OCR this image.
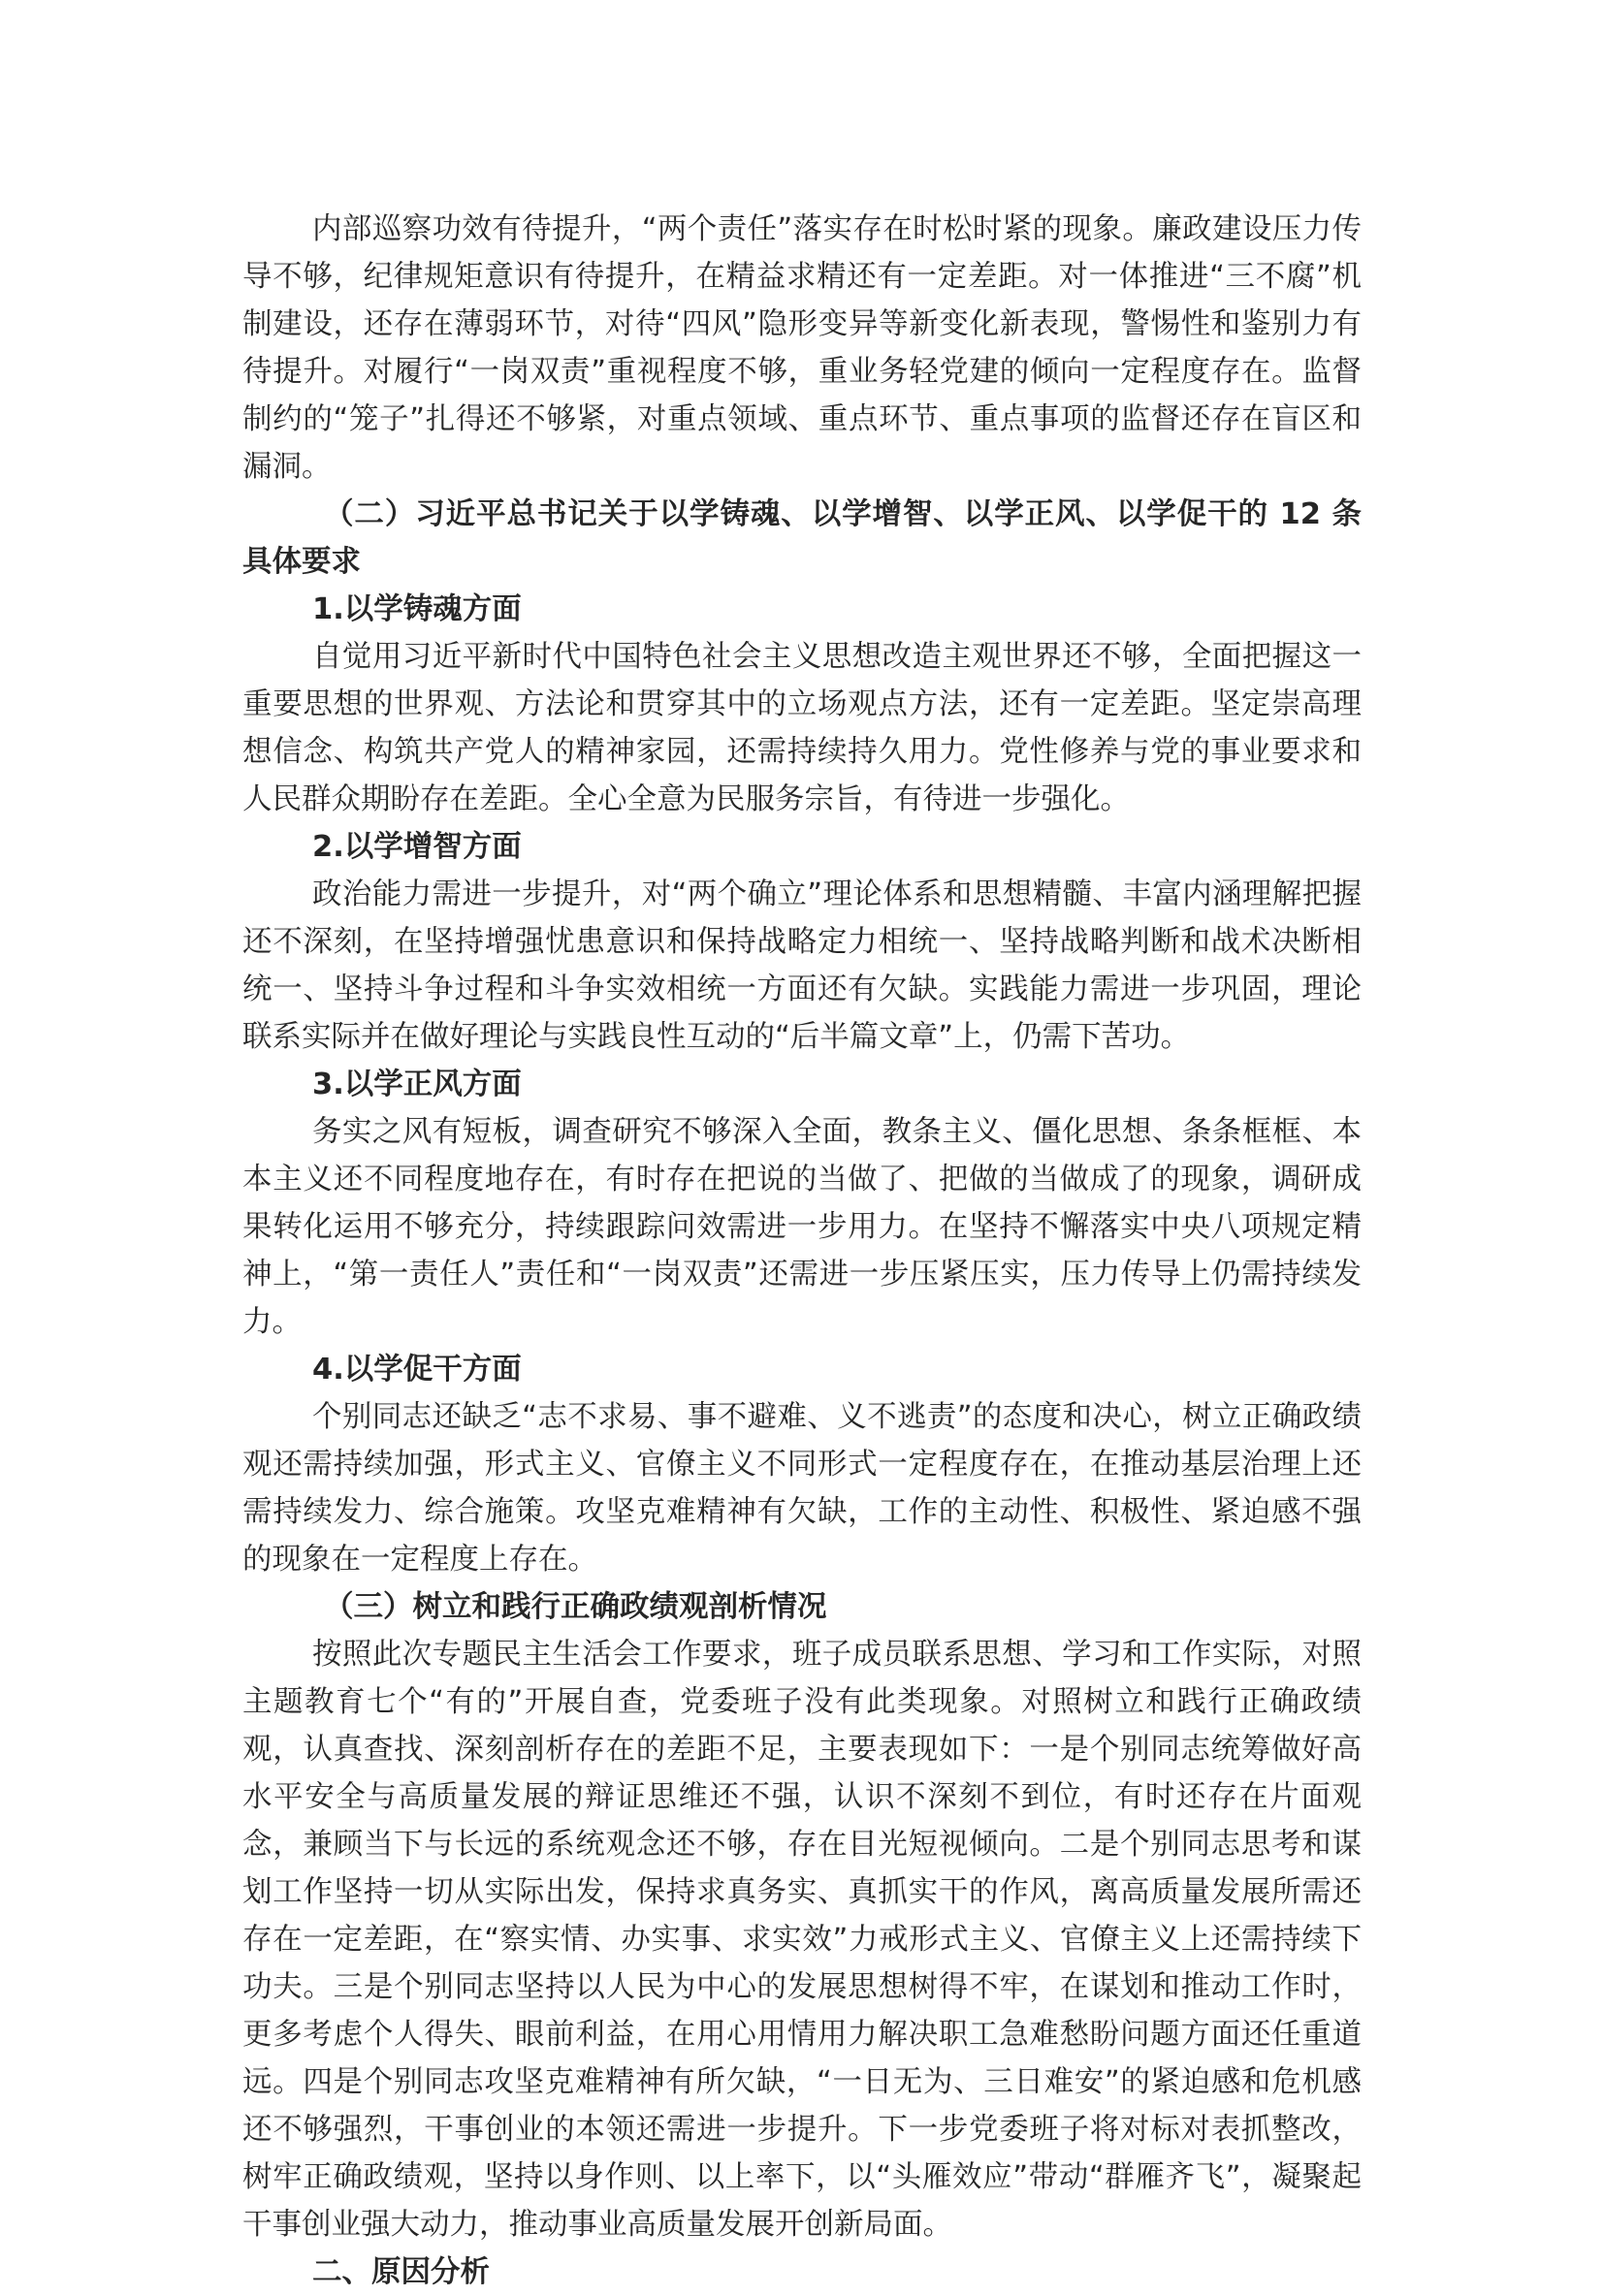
内部巡察功效有待提升，“两个责任”落实存在时松时紧的现象。廉政建设压力传导不够，纪律规矩意识有待提升，在精益求精还有一定差距。对一体推进“三不腐”机制建设，还存在薄弱环节，对待“四风”隐形变异等新变化新表现，警惕性和鉴别力有待提升。对履行“一岗双责”重视程度不够，重业务轻党建的倾向一定程度存在。监督制约的“笼子”扎得还不够紧，对重点领域、重点环节、重点事项的监督还存在盲区和漏洞。

（二）习近平总书记关于以学铸魂、以学增智、以学正风、以学促干的 12 条具体要求

1.以学铸魂方面

自觉用习近平新时代中国特色社会主义思想改造主观世界还不够，全面把握这一重要思想的世界观、方法论和贯穿其中的立场观点方法，还有一定差距。坚定崇高理想信念、构筑共产党人的精神家园，还需持续持久用力。党性修养与党的事业要求和人民群众期盼存在差距。全心全意为民服务宗旨，有待进一步强化。

2.以学增智方面

政治能力需进一步提升，对“两个确立”理论体系和思想精髓、丰富内涵理解把握还不深刻，在坚持增强忧患意识和保持战略定力相统一、坚持战略判断和战术决断相统一、坚持斗争过程和斗争实效相统一方面还有欠缺。实践能力需进一步巩固，理论联系实际并在做好理论与实践良性互动的“后半篇文章”上，仍需下苦功。

3.以学正风方面

务实之风有短板，调查研究不够深入全面，教条主义、僵化思想、条条框框、本本主义还不同程度地存在，有时存在把说的当做了、把做的当做成了的现象，调研成果转化运用不够充分，持续跟踪问效需进一步用力。在坚持不懈落实中央八项规定精神上，“第一责任人”责任和“一岗双责”还需进一步压紧压实，压力传导上仍需持续发力。

4.以学促干方面

个别同志还缺乏“志不求易、事不避难、义不逃责”的态度和决心，树立正确政绩观还需持续加强，形式主义、官僚主义不同形式一定程度存在，在推动基层治理上还需持续发力、综合施策。攻坚克难精神有欠缺，工作的主动性、积极性、紧迫感不强的现象在一定程度上存在。

（三）树立和践行正确政绩观剖析情况

按照此次专题民主生活会工作要求，班子成员联系思想、学习和工作实际，对照主题教育七个“有的”开展自查，党委班子没有此类现象。对照树立和践行正确政绩观，认真查找、深刻剖析存在的差距不足，主要表现如下：一是个别同志统筹做好高水平安全与高质量发展的辩证思维还不强，认识不深刻不到位，有时还存在片面观念，兼顾当下与长远的系统观念还不够，存在目光短视倾向。二是个别同志思考和谋划工作坚持一切从实际出发，保持求真务实、真抓实干的作风，离高质量发展所需还存在一定差距，在“察实情、办实事、求实效”力戒形式主义、官僚主义上还需持续下功夫。三是个别同志坚持以人民为中心的发展思想树得不牢，在谋划和推动工作时，更多考虑个人得失、眼前利益，在用心用情用力解决职工急难愁盼问题方面还任重道远。四是个别同志攻坚克难精神有所欠缺，“一日无为、三日难安”的紧迫感和危机感还不够强烈，干事创业的本领还需进一步提升。下一步党委班子将对标对表抓整改，树牢正确政绩观，坚持以身作则、以上率下，以“头雁效应”带动“群雁齐飞”，凝聚起干事创业强大动力，推动事业高质量发展开创新局面。

二、原因分析
